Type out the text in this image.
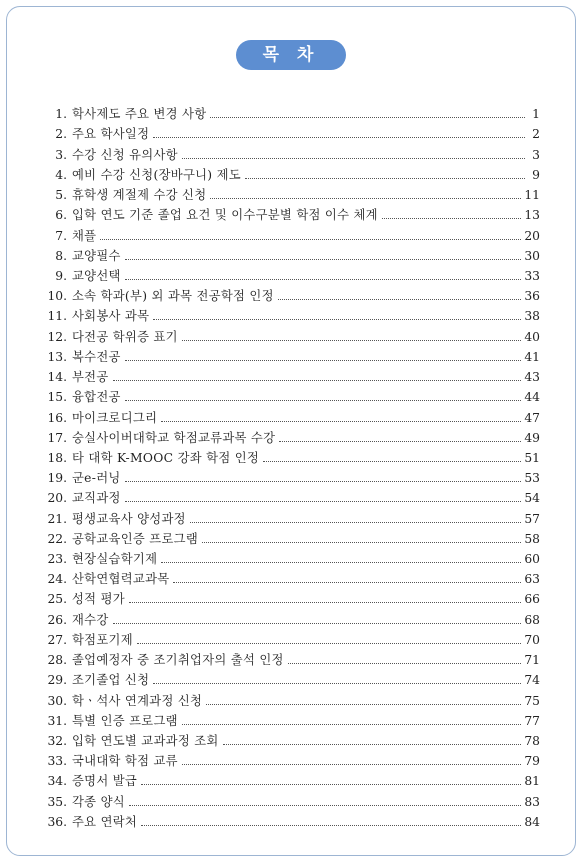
목 차
1. 학사제도 주요 변경 사항	1
2. 주요 학사일정	2
3. 수강 신청 유의사항	3
4. 예비 수강 신청(장바구니) 제도	9
5. 휴학생 계절제 수강 신청	11
6. 입학 연도 기준 졸업 요건 및 이수구분별 학점 이수 체계	13
7. 채플	20
8. 교양필수	30
9. 교양선택	33
10. 소속 학과(부) 외 과목 전공학점 인정	36
11. 사회봉사 과목	38
12. 다전공 학위증 표기	40
13. 복수전공	41
14. 부전공	43
15. 융합전공	44
16. 마이크로디그리	47
17. 숭실사이버대학교 학점교류과목 수강	49
18. 타 대학 K-MOOC 강좌 학점 인정	51
19. 군e-러닝	53
20. 교직과정	54
21. 평생교육사 양성과정	57
22. 공학교육인증 프로그램	58
23. 현장실습학기제	60
24. 산학연협력교과목	63
25. 성적 평가	66
26. 재수강	68
27. 학점포기제	70
28. 졸업예정자 중 조기취업자의 출석 인정	71
29. 조기졸업 신청	74
30. 학ㆍ석사 연계과정 신청	75
31. 특별 인증 프로그램	77
32. 입학 연도별 교과과정 조회	78
33. 국내대학 학점 교류	79
34. 증명서 발급	81
35. 각종 양식	83
36. 주요 연락처	84
